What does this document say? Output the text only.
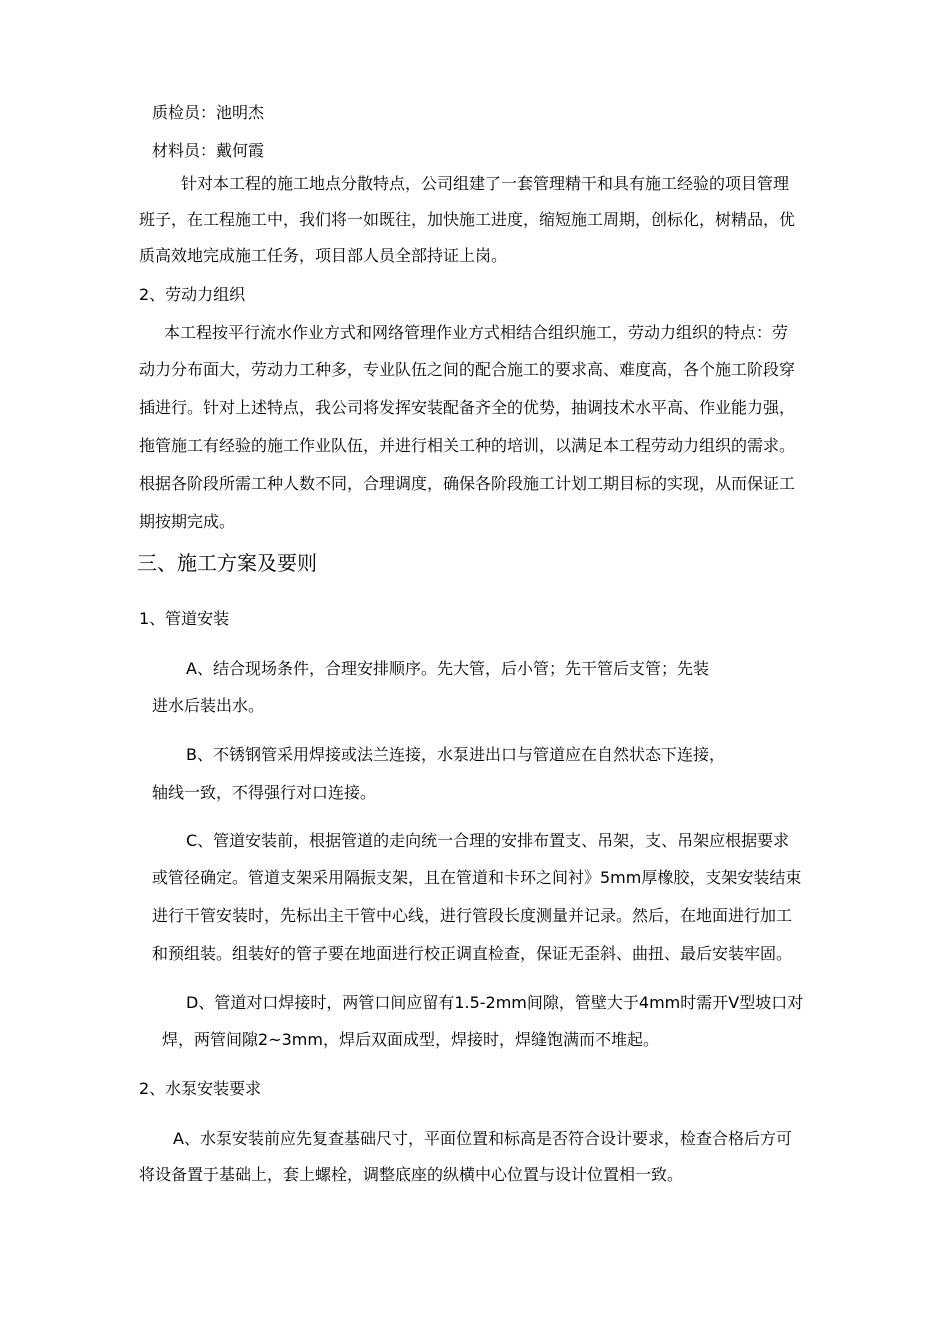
质检员：池明杰
材料员：戴何霞
针对本工程的施工地点分散特点，公司组建了一套管理精干和具有施工经验的项目管理
班子，在工程施工中，我们将一如既往，加快施工进度，缩短施工周期，创标化，树精品，优
质高效地完成施工任务，项目部人员全部持证上岗。
2、劳动力组织
本工程按平行流水作业方式和网络管理作业方式相结合组织施工，劳动力组织的特点：劳
动力分布面大，劳动力工种多，专业队伍之间的配合施工的要求高、难度高，各个施工阶段穿
插进行。针对上述特点，我公司将发挥安装配备齐全的优势，抽调技术水平高、作业能力强，
拖管施工有经验的施工作业队伍，并进行相关工种的培训，以满足本工程劳动力组织的需求。
根据各阶段所需工种人数不同，合理调度，确保各阶段施工计划工期目标的实现，从而保证工
期按期完成。
三、施工方案及要则
1、管道安装
A、结合现场条件，合理安排顺序。先大管，后小管；先干管后支管；先装
进水后装出水。
B、不锈钢管采用焊接或法兰连接，水泵进出口与管道应在自然状态下连接，
轴线一致，不得强行对口连接。
C、管道安装前，根据管道的走向统一合理的安排布置支、吊架，支、吊架应根据要求
或管径确定。管道支架采用隔振支架，且在管道和卡环之间衬》5mm厚橡胶，支架安装结束
进行干管安装时，先标出主干管中心线，进行管段长度测量并记录。然后，在地面进行加工
和预组装。组装好的管子要在地面进行校正调直检查，保证无歪斜、曲扭、最后安装牢固。
D、管道对口焊接时，两管口间应留有1.5-2mm间隙，管壁大于4mm时需开V型坡口对
焊，两管间隙2~3mm，焊后双面成型，焊接时，焊缝饱满而不堆起。
2、水泵安装要求
A、水泵安装前应先复查基础尺寸，平面位置和标高是否符合设计要求，检查合格后方可
将设备置于基础上，套上螺栓，调整底座的纵横中心位置与设计位置相一致。
